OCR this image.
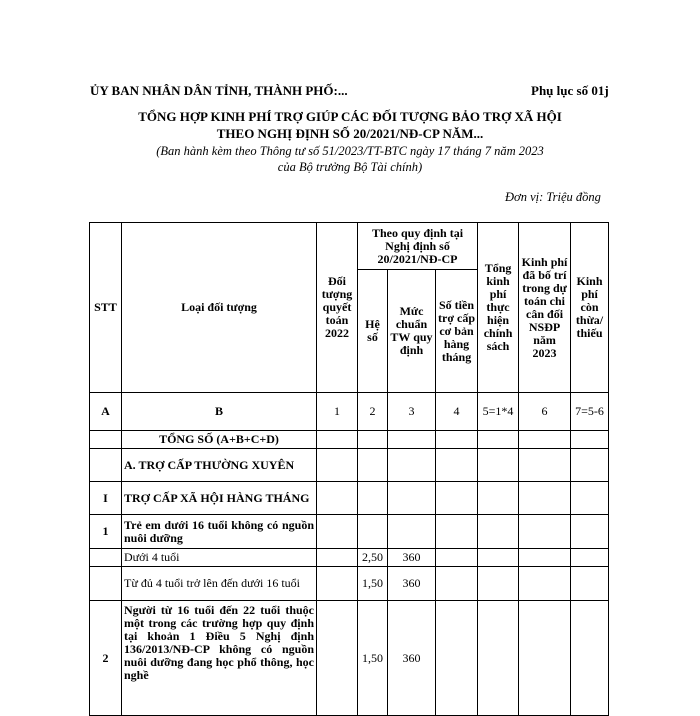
ỦY BAN NHÂN DÂN TỈNH, THÀNH PHỐ:...	Phụ lục số 01j
TỔNG HỢP KINH PHÍ TRỢ GIÚP CÁC ĐỐI TƯỢNG BẢO TRỢ XÃ HỘI
THEO NGHỊ ĐỊNH SỐ 20/2021/NĐ-CP NĂM...
(Ban hành kèm theo Thông tư số 51/2023/TT-BTC ngày 17 tháng 7 năm 2023
của Bộ trưởng Bộ Tài chính)
Đơn vị: Triệu đồng
STT	Loại đối tượng	Đối tượng quyết toán 2022	Theo quy định tại Nghị định số 20/2021/NĐ-CP			Tổng kinh phí thực hiện chính sách	Kinh phí đã bố trí trong dự toán chi cân đối NSĐP năm 2023	Kinh phí còn thừa/ thiếu
			Hệ số	Mức chuẩn TW quy định	Số tiền trợ cấp cơ bản hàng tháng			
A	B	1	2	3	4	5=1*4	6	7=5-6
	TỔNG SỐ (A+B+C+D)							
	A. TRỢ CẤP THƯỜNG XUYÊN							
I	TRỢ CẤP XÃ HỘI HÀNG THÁNG							
1	Trẻ em dưới 16 tuổi không có nguồn nuôi dưỡng							
	Dưới 4 tuổi		2,50	360				
	Từ đủ 4 tuổi trở lên đến dưới 16 tuổi		1,50	360				
2	Người từ 16 tuổi đến 22 tuổi thuộc một trong các trường hợp quy định tại khoản 1 Điều 5 Nghị định 136/2013/NĐ-CP không có nguồn nuôi dưỡng đang học phổ thông, học nghề		1,50	360				
